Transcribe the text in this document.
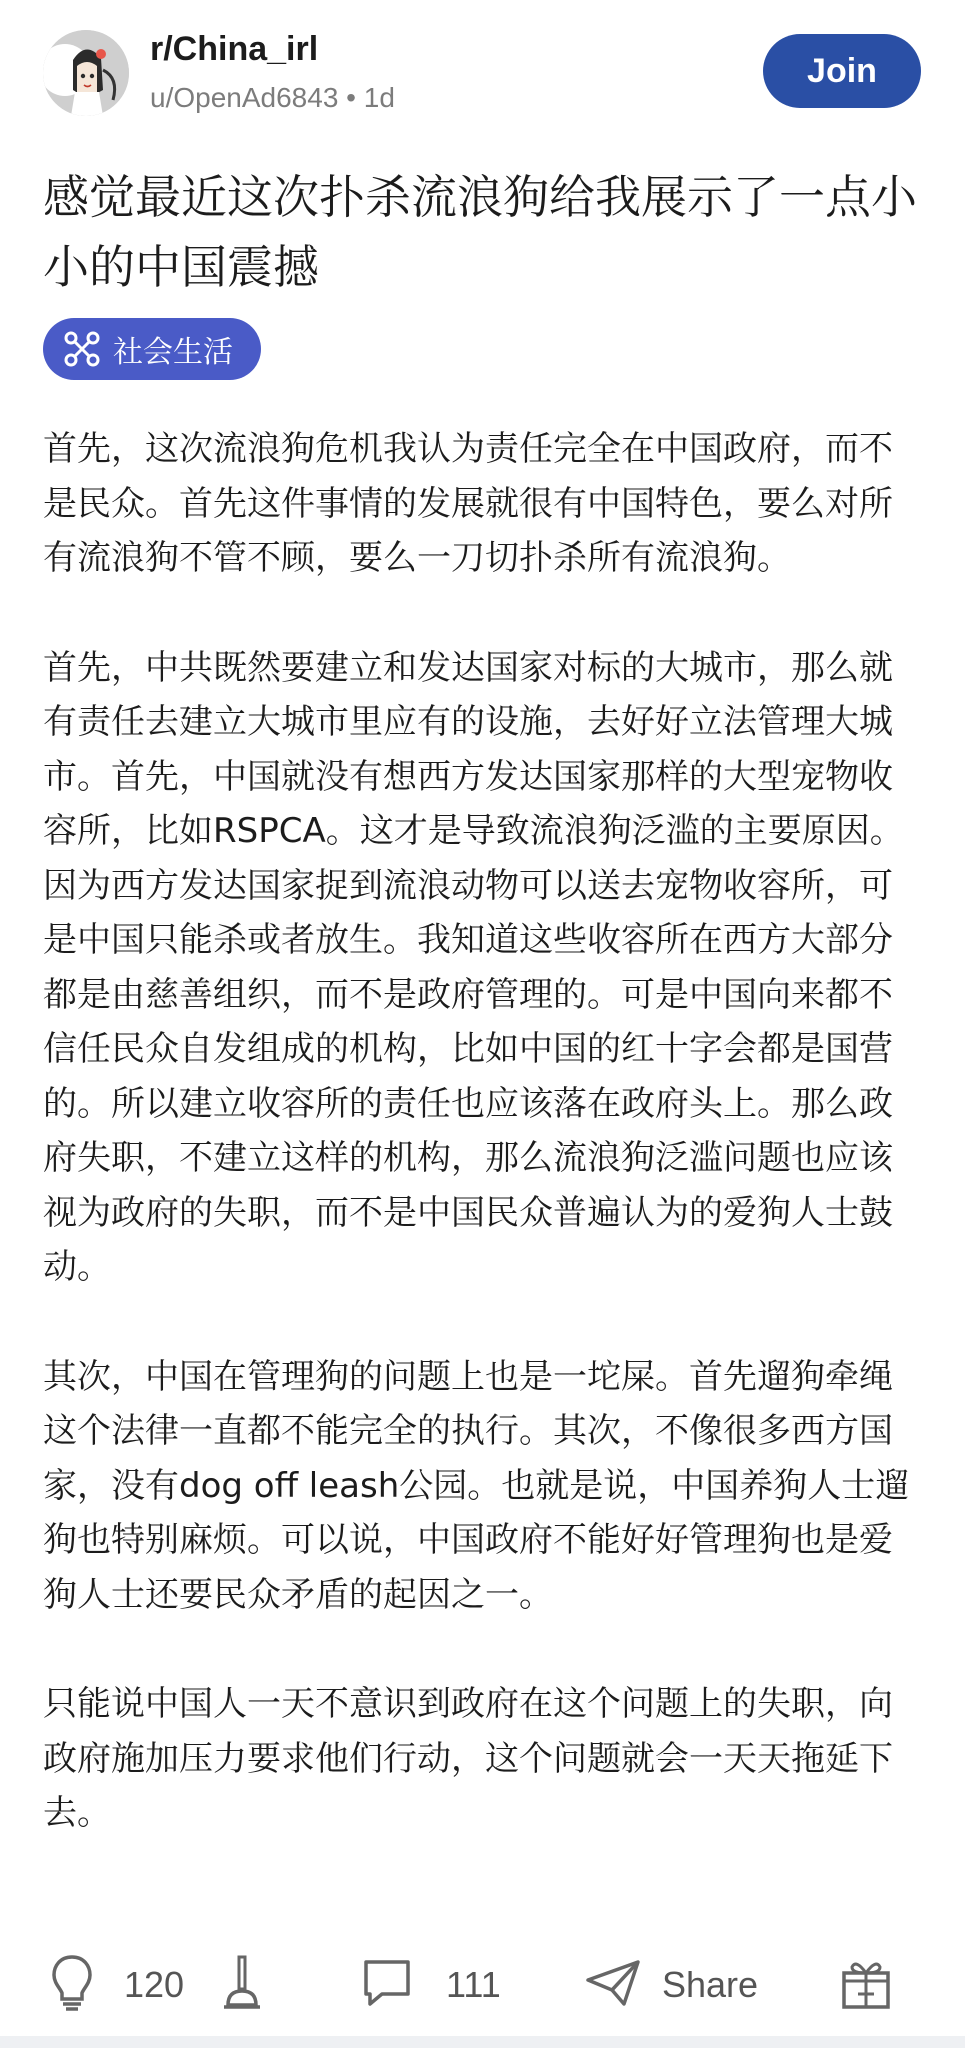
r/China_irl
u/OpenAd6843 • 1d
Join
感觉最近这次扑杀流浪狗给我展示了一点小小的中国震撼
社会生活

首先，这次流浪狗危机我认为责任完全在中国政府，而不是民众。首先这件事情的发展就很有中国特色，要么对所有流浪狗不管不顾，要么一刀切扑杀所有流浪狗。

首先，中共既然要建立和发达国家对标的大城市，那么就有责任去建立大城市里应有的设施，去好好立法管理大城市。首先，中国就没有想西方发达国家那样的大型宠物收容所，比如RSPCA。这才是导致流浪狗泛滥的主要原因。因为西方发达国家捉到流浪动物可以送去宠物收容所，可是中国只能杀或者放生。我知道这些收容所在西方大部分都是由慈善组织，而不是政府管理的。可是中国向来都不信任民众自发组成的机构，比如中国的红十字会都是国营的。所以建立收容所的责任也应该落在政府头上。那么政府失职，不建立这样的机构，那么流浪狗泛滥问题也应该视为政府的失职，而不是中国民众普遍认为的爱狗人士鼓动。

其次，中国在管理狗的问题上也是一坨屎。首先遛狗牵绳这个法律一直都不能完全的执行。其次，不像很多西方国家，没有dog off leash公园。也就是说，中国养狗人士遛狗也特别麻烦。可以说，中国政府不能好好管理狗也是爱狗人士还要民众矛盾的起因之一。

只能说中国人一天不意识到政府在这个问题上的失职，向政府施加压力要求他们行动，这个问题就会一天天拖延下去。

120	111	Share
